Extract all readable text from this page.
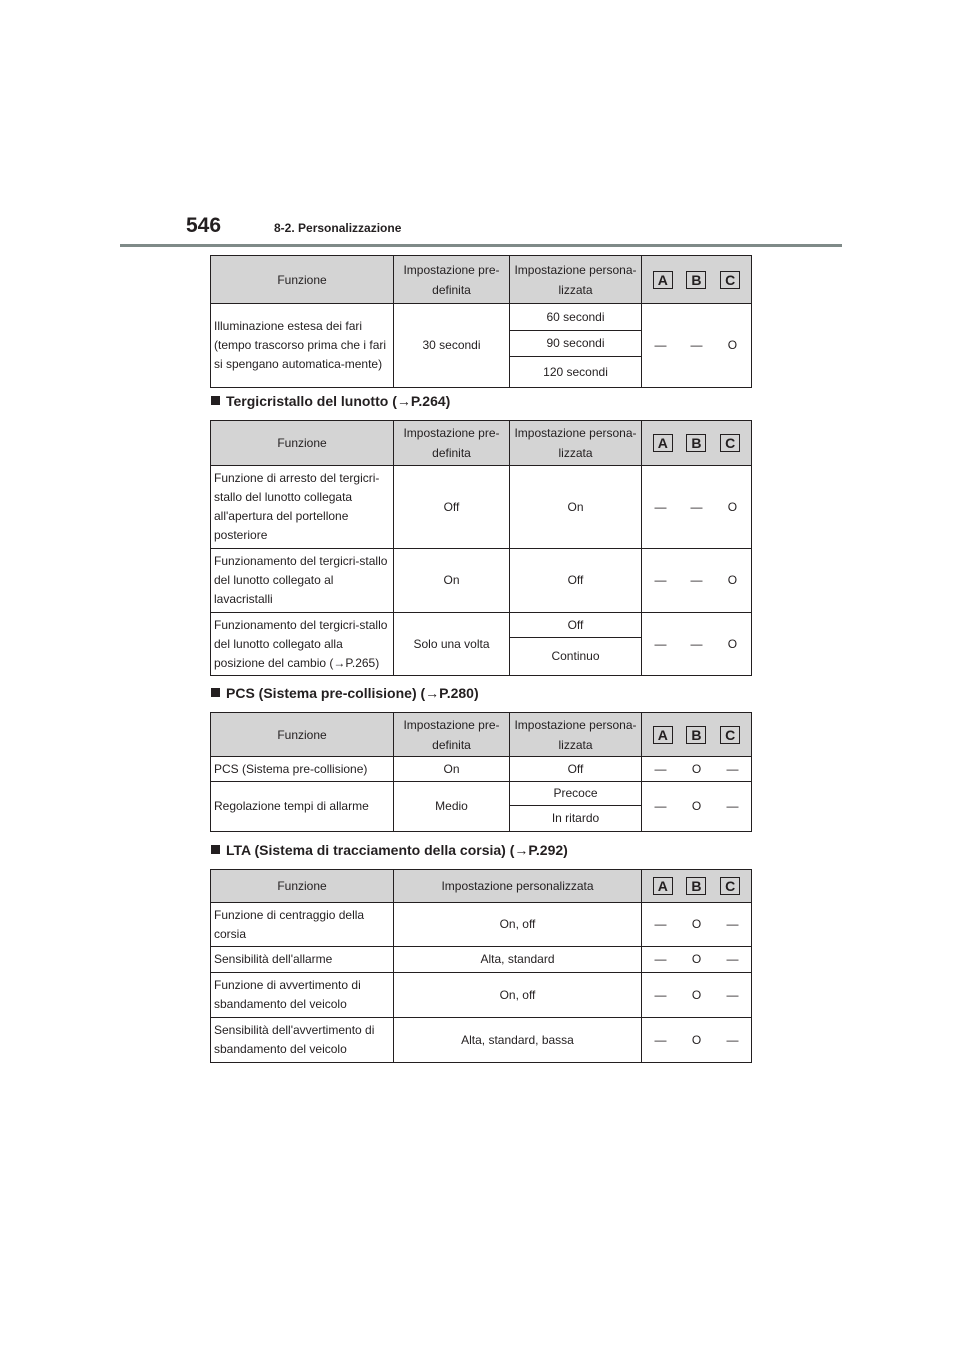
546	8-2. Personalizzazione
Funzione	Impostazione pre-definita	Impostazione persona-lizzata	A B C

Illuminazione estesa dei fari (tempo trascorso prima che i fari si spengano automatica-mente)	30 secondi	60 secondi	— — O
		90 secondi	
		120 secondi	
Tergicristallo del lunotto (→P.264)
Funzione	Impostazione pre-definita	Impostazione persona-lizzata	A B C

Funzione di arresto del tergicri-stallo del lunotto collegata all'apertura del portellone posteriore	Off	On	— — O
Funzionamento del tergicri-stallo del lunotto collegato al lavacristalli	On	Off	— — O
Funzionamento del tergicri-stallo del lunotto collegato alla posizione del cambio (→P.265)	Solo una volta	Off	— — O
		Continuo	
PCS (Sistema pre-collisione) (→P.280)
Funzione	Impostazione pre-definita	Impostazione persona-lizzata	A B C

PCS (Sistema pre-collisione)	On	Off	— O —
Regolazione tempi di allarme	Medio	Precoce	— O —
		In ritardo	
LTA (Sistema di tracciamento della corsia) (→P.292)
Funzione	Impostazione personalizzata	A B C

Funzione di centraggio della corsia	On, off	— O —
Sensibilità dell'allarme	Alta, standard	— O —
Funzione di avvertimento di sbandamento del veicolo	On, off	— O —
Sensibilità dell'avvertimento di sbandamento del veicolo	Alta, standard, bassa	— O —
